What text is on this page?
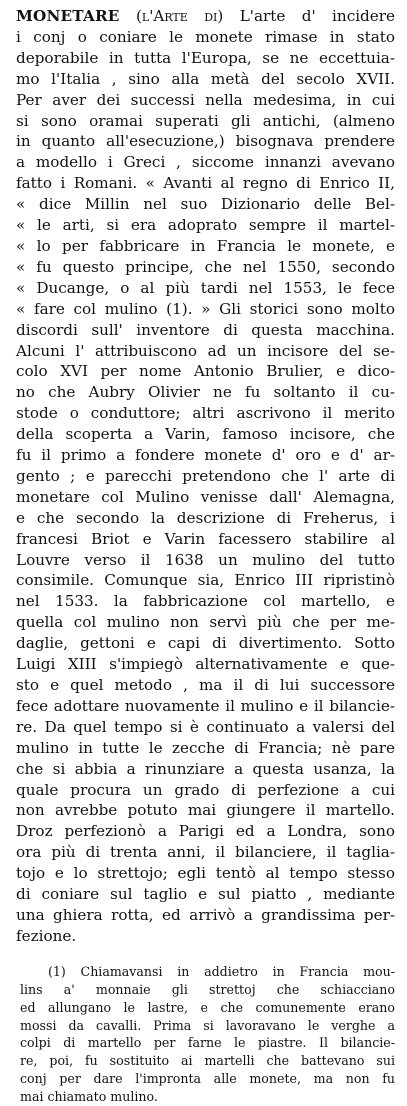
MONETARE (l'Arte di) L'arte d' incidere
i conj o coniare le monete rimase in stato
deporabile in tutta l'Europa, se ne eccettuia-
mo l'Italia , sino alla metà del secolo XVII.
Per aver dei successi nella medesima, in cui
si sono oramai superati gli antichi, (almeno
in quanto all'esecuzione,) bisognava prendere
a modello i Greci , siccome innanzi avevano
fatto i Romani. « Avanti al regno di Enrico II,
« dice Millin nel suo Dizionario delle Bel-
« le arti, si era adoprato sempre il martel-
« lo per fabbricare in Francia le monete, e
« fu questo principe, che nel 1550, secondo
« Ducange, o al più tardi nel 1553, le fece
« fare col mulino (1). » Gli storici sono molto
discordi sull' inventore di questa macchina.
Alcuni l' attribuiscono ad un incisore del se-
colo XVI per nome Antonio Brulier, e dico-
no che Aubry Olivier ne fu soltanto il cu-
stode o conduttore; altri ascrivono il merito
della scoperta a Varin, famoso incisore, che
fu il primo a fondere monete d' oro e d' ar-
gento ; e parecchi pretendono che l' arte di
monetare col Mulino venisse dall' Alemagna,
e che secondo la descrizione di Freherus, i
francesi Briot e Varin facessero stabilire al
Louvre verso il 1638 un mulino del tutto
consimile. Comunque sia, Enrico III ripristinò
nel 1533. la fabbricazione col martello, e
quella col mulino non servì più che per me-
daglie, gettoni e capi di divertimento. Sotto
Luigi XIII s'impiegò alternativamente e que-
sto e quel metodo , ma il di lui successore
fece adottare nuovamente il mulino e il bilancie-
re. Da quel tempo si è continuato a valersi del
mulino in tutte le zecche di Francia; nè pare
che si abbia a rinunziare a questa usanza, la
quale procura un grado di perfezione a cui
non avrebbe potuto mai giungere il martello.
Droz perfezionò a Parigi ed a Londra, sono
ora più di trenta anni, il bilanciere, il taglia-
tojo e lo strettojo; egli tentò al tempo stesso
di coniare sul taglio e sul piatto , mediante
una ghiera rotta, ed arrivò a grandissima per-
fezione.
(1) Chiamavansi in addietro in Francia mou-
lins a' monnaie gli strettoj che schiacciano
ed allungano le lastre, e che comunemente erano
mossi da cavalli. Prima si lavoravano le verghe a
colpi di martello per farne le piastre. Il bilancie-
re, poi, fu sostituito ai martelli che battevano sui
conj per dare l'impronta alle monete, ma non fu
mai chiamato mulino.
